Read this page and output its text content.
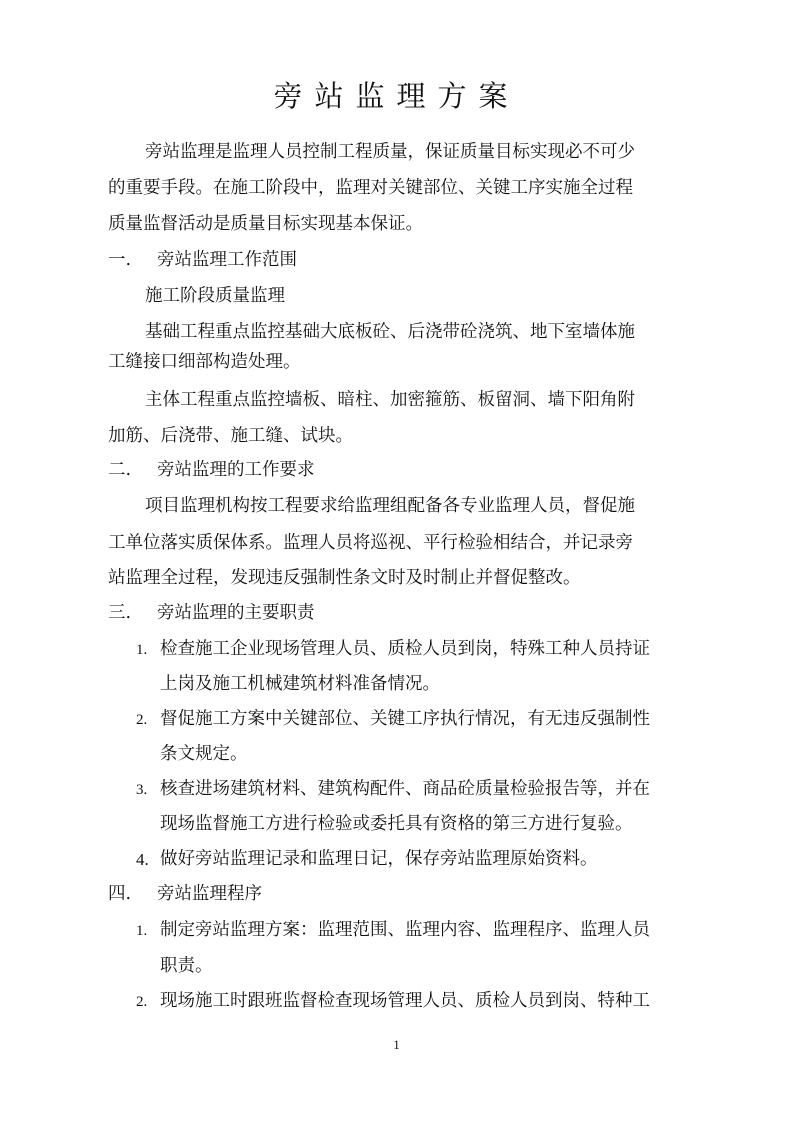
旁站监理方案
旁站监理是监理人员控制工程质量，保证质量目标实现必不可少
的重要手段。在施工阶段中，监理对关键部位、关键工序实施全过程
质量监督活动是质量目标实现基本保证。
一. 旁站监理工作范围
施工阶段质量监理
基础工程重点监控基础大底板砼、后浇带砼浇筑、地下室墙体施
工缝接口细部构造处理。
主体工程重点监控墙板、暗柱、加密箍筋、板留洞、墙下阳角附
加筋、后浇带、施工缝、试块。
二. 旁站监理的工作要求
项目监理机构按工程要求给监理组配备各专业监理人员，督促施
工单位落实质保体系。监理人员将巡视、平行检验相结合，并记录旁
站监理全过程，发现违反强制性条文时及时制止并督促整改。
三. 旁站监理的主要职责
1. 检查施工企业现场管理人员、质检人员到岗，特殊工种人员持证
上岗及施工机械建筑材料准备情况。
2. 督促施工方案中关键部位、关键工序执行情况，有无违反强制性
条文规定。
3. 核查进场建筑材料、建筑构配件、商品砼质量检验报告等，并在
现场监督施工方进行检验或委托具有资格的第三方进行复验。
4. 做好旁站监理记录和监理日记，保存旁站监理原始资料。
四. 旁站监理程序
1. 制定旁站监理方案：监理范围、监理内容、监理程序、监理人员
职责。
2. 现场施工时跟班监督检查现场管理人员、质检人员到岗、特种工
1
